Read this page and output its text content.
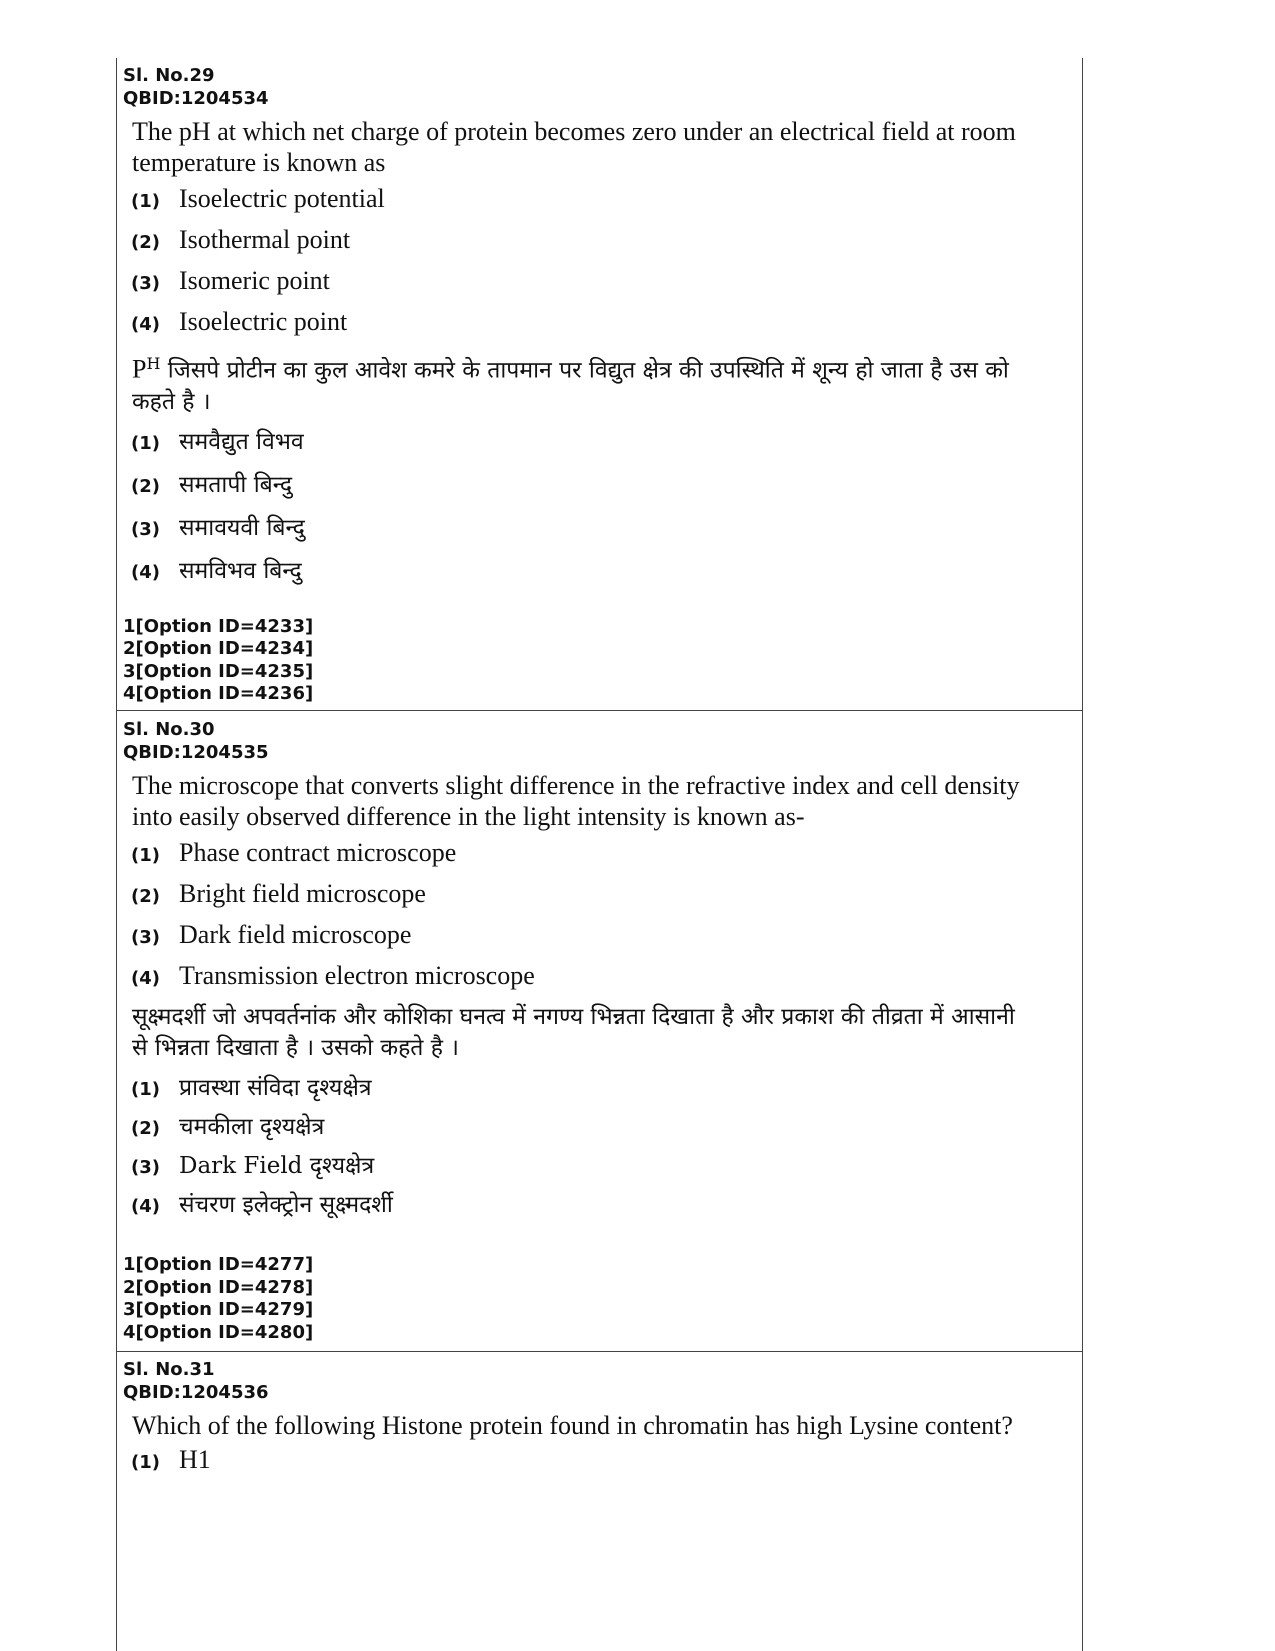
Sl. No.29

QBID:1204534

The pH at which net charge of protein becomes zero under an electrical field at room temperature is known as

(1) Isoelectric potential
(2) Isothermal point
(3) Isomeric point
(4) Isoelectric point

$P^H$ जिसपे प्रोटीन का कुल आवेश कमरे के तापमान पर विद्युत क्षेत्र की उपस्थिति में शून्य हो जाता है उस को कहते है ।

(1) समवैद्युत विभव
(2) समतापी बिन्दु
(3) समावयवी बिन्दु
(4) समविभव बिन्दु
1[Option ID=4233]
2[Option ID=4234]
3[Option ID=4235]
4[Option ID=4236]

Sl. No.30

QBID:1204535

The microscope that converts slight difference in the refractive index and cell density into easily observed difference in the light intensity is known as-

(1) Phase contract microscope
(2) Bright field microscope
(3) Dark field microscope
(4) Transmission electron microscope

सूक्ष्मदर्शी जो अपवर्तनांक और कोशिका घनत्व में नगण्य भिन्नता दिखाता है और प्रकाश की तीव्रता में आसानी से भिन्नता दिखाता है । उसको कहते है ।

(1) प्रावस्था संविदा दृश्यक्षेत्र
(2) चमकीला दृश्यक्षेत्र
(3) Dark Field दृश्यक्षेत्र
(4) संचरण इलेक्ट्रोन सूक्ष्मदर्शी
1[Option ID=4277]
2[Option ID=4278]
3[Option ID=4279]
4[Option ID=4280]

Sl. No.31

QBID:1204536

Which of the following Histone protein found in chromatin has high Lysine content?

(1) H1
